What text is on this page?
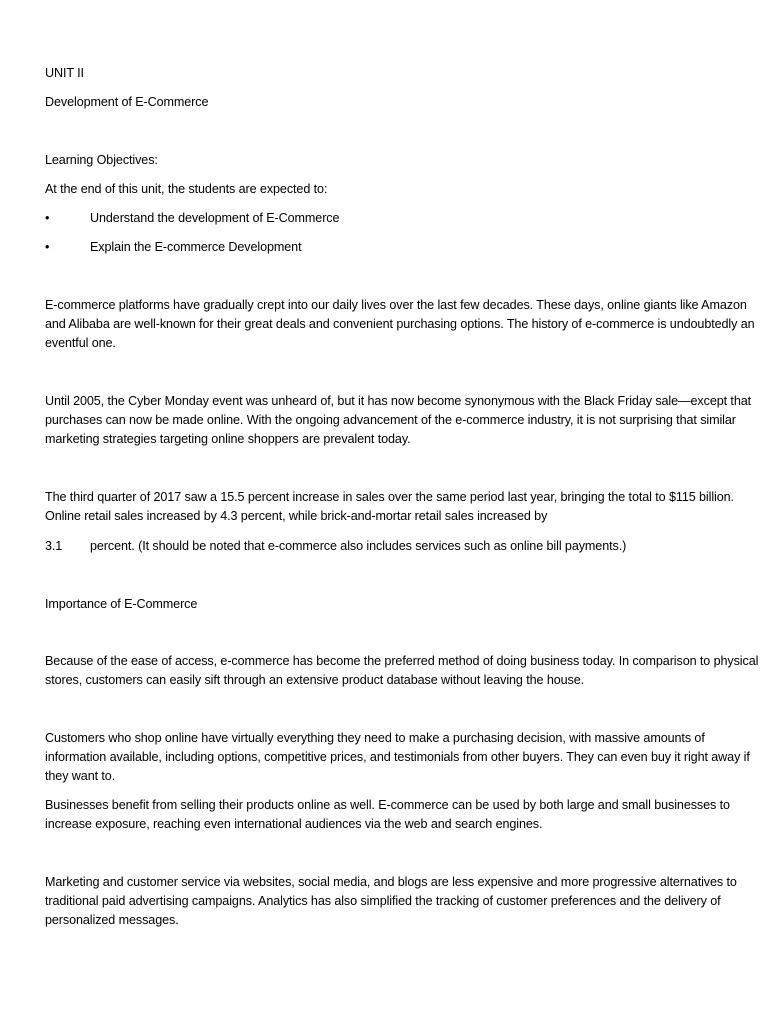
UNIT II

Development of E-Commerce

Learning Objectives:

At the end of this unit, the students are expected to:

•	Understand the development of E-Commerce

•	Explain the E-commerce Development

E-commerce platforms have gradually crept into our daily lives over the last few decades. These days, online giants like Amazon and Alibaba are well-known for their great deals and convenient purchasing options. The history of e-commerce is undoubtedly an eventful one.

Until 2005, the Cyber Monday event was unheard of, but it has now become synonymous with the Black Friday sale—except that purchases can now be made online. With the ongoing advancement of the e-commerce industry, it is not surprising that similar marketing strategies targeting online shoppers are prevalent today.

The third quarter of 2017 saw a 15.5 percent increase in sales over the same period last year, bringing the total to $115 billion. Online retail sales increased by 4.3 percent, while brick-and-mortar retail sales increased by

3.1 percent. (It should be noted that e-commerce also includes services such as online bill payments.)

Importance of E-Commerce

Because of the ease of access, e-commerce has become the preferred method of doing business today. In comparison to physical stores, customers can easily sift through an extensive product database without leaving the house.

Customers who shop online have virtually everything they need to make a purchasing decision, with massive amounts of information available, including options, competitive prices, and testimonials from other buyers. They can even buy it right away if they want to.

Businesses benefit from selling their products online as well. E-commerce can be used by both large and small businesses to increase exposure, reaching even international audiences via the web and search engines.

Marketing and customer service via websites, social media, and blogs are less expensive and more progressive alternatives to traditional paid advertising campaigns. Analytics has also simplified the tracking of customer preferences and the delivery of personalized messages.
